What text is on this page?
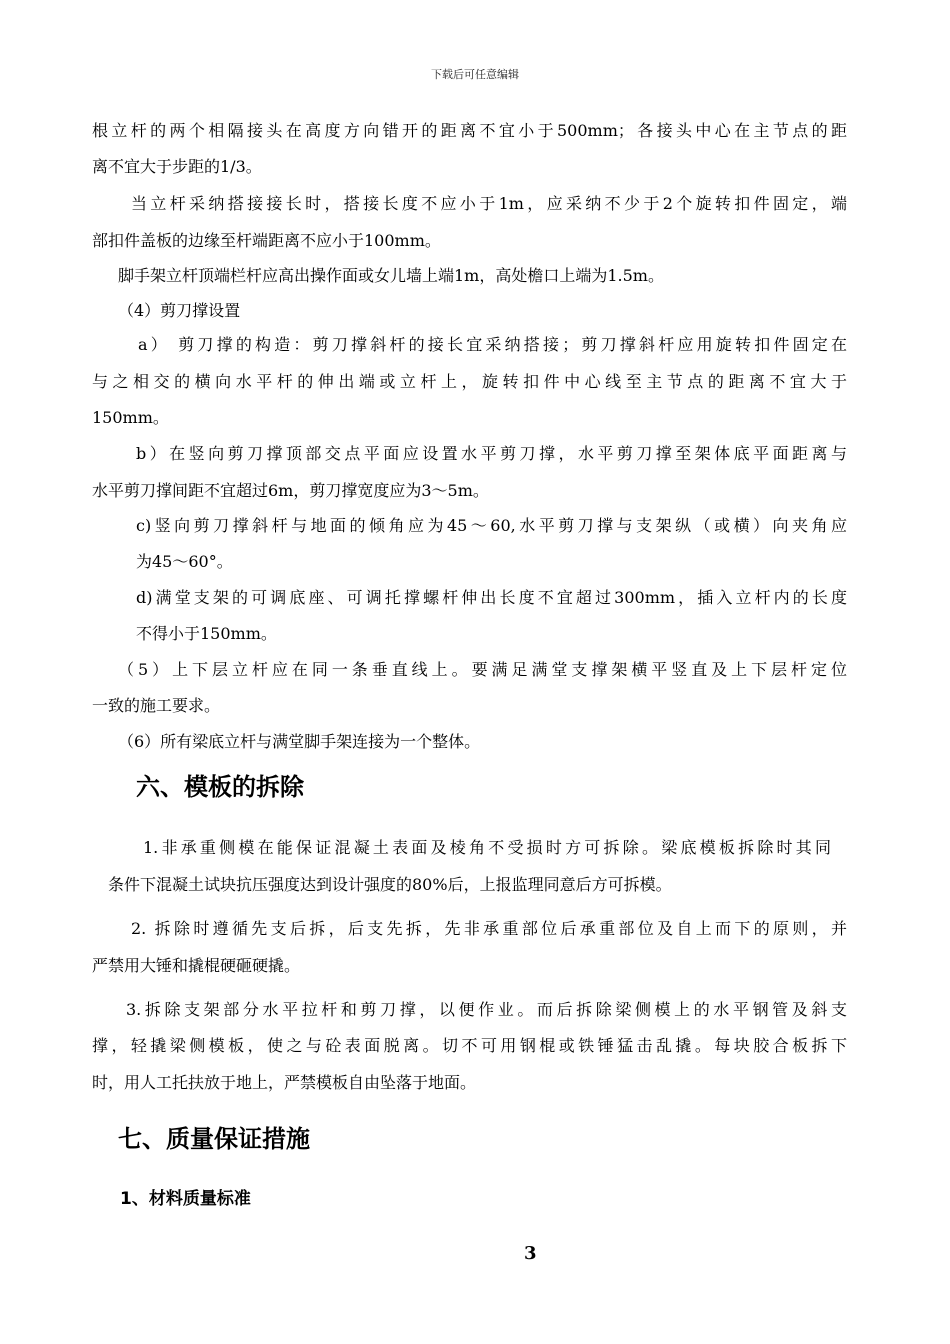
下载后可任意编辑
根立杆的两个相隔接头在高度方向错开的距离不宜小于500mm；各接头中心在主节点的距
离不宜大于步距的1/3。
当立杆采纳搭接接长时，搭接长度不应小于1m，应采纳不少于2个旋转扣件固定，端
部扣件盖板的边缘至杆端距离不应小于100mm。
脚手架立杆顶端栏杆应高出操作面或女儿墙上端1m，高处檐口上端为1.5m。
（4）剪刀撑设置
a） 剪刀撑的构造：剪刀撑斜杆的接长宜采纳搭接；剪刀撑斜杆应用旋转扣件固定在
与之相交的横向水平杆的伸出端或立杆上，旋转扣件中心线至主节点的距离不宜大于
150mm。
b）在竖向剪刀撑顶部交点平面应设置水平剪刀撑，水平剪刀撑至架体底平面距离与
水平剪刀撑间距不宜超过6m，剪刀撑宽度应为3～5m。
c)竖向剪刀撑斜杆与地面的倾角应为45～60,水平剪刀撑与支架纵（或横）向夹角应
为45～60°。
d)满堂支架的可调底座、可调托撑螺杆伸出长度不宜超过300mm，插入立杆内的长度
不得小于150mm。
（5）上下层立杆应在同一条垂直线上。要满足满堂支撑架横平竖直及上下层杆定位
一致的施工要求。
（6）所有梁底立杆与满堂脚手架连接为一个整体。
六、模板的拆除
1.非承重侧模在能保证混凝土表面及棱角不受损时方可拆除。梁底模板拆除时其同
条件下混凝土试块抗压强度达到设计强度的80%后，上报监理同意后方可拆模。
2. 拆除时遵循先支后拆，后支先拆，先非承重部位后承重部位及自上而下的原则，并
严禁用大锤和撬棍硬砸硬撬。
3.拆除支架部分水平拉杆和剪刀撑，以便作业。而后拆除梁侧模上的水平钢管及斜支
撑，轻撬梁侧模板，使之与砼表面脱离。切不可用钢棍或铁锤猛击乱撬。每块胶合板拆下
时，用人工托扶放于地上，严禁模板自由坠落于地面。
七、质量保证措施
1、材料质量标准
3
